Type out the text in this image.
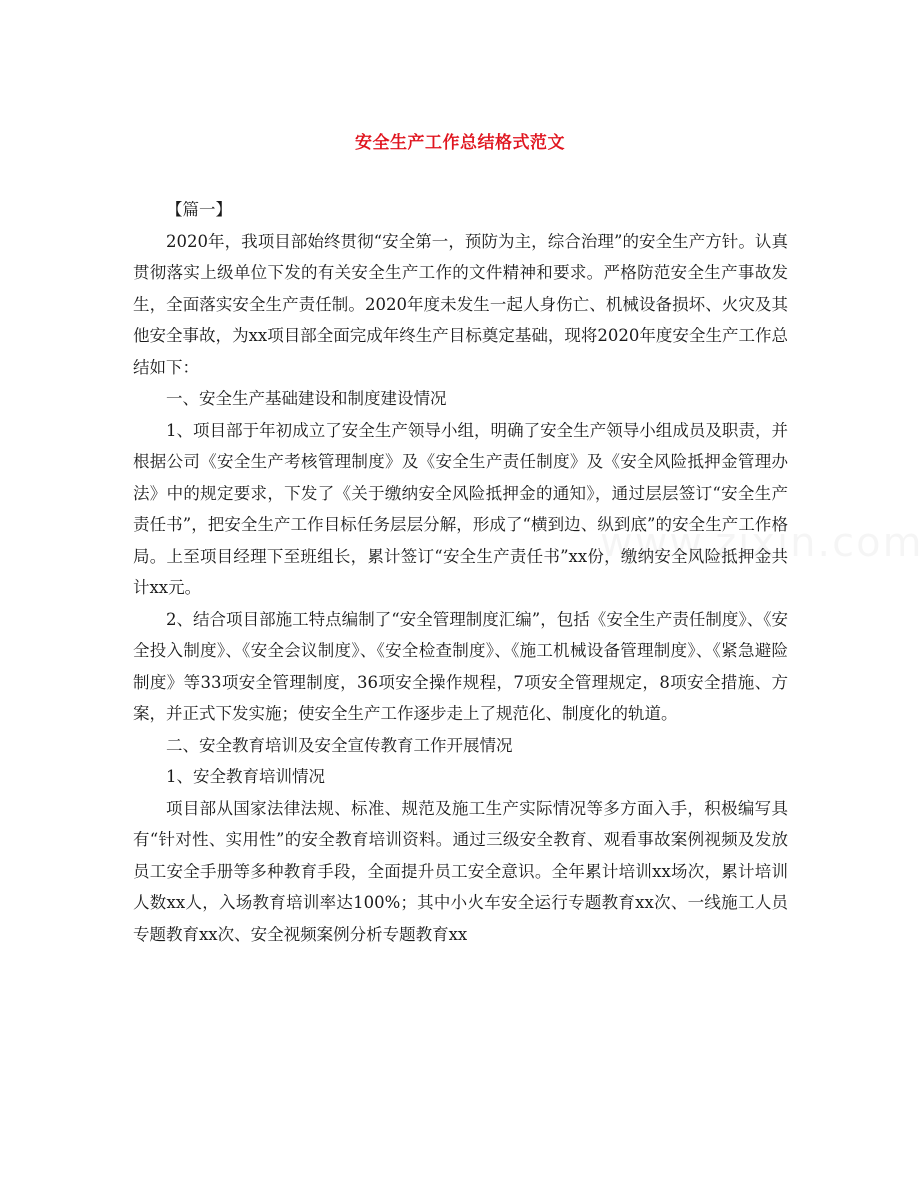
安全生产工作总结格式范文

【篇一】

2020年，我项目部始终贯彻“安全第一，预防为主，综合治理”的安全生产方针。认真贯彻落实上级单位下发的有关安全生产工作的文件精神和要求。严格防范安全生产事故发生，全面落实安全生产责任制。2020年度未发生一起人身伤亡、机械设备损坏、火灾及其他安全事故，为xx项目部全面完成年终生产目标奠定基础，现将2020年度安全生产工作总结如下：

一、安全生产基础建设和制度建设情况

1、项目部于年初成立了安全生产领导小组，明确了安全生产领导小组成员及职责，并根据公司《安全生产考核管理制度》及《安全生产责任制度》及《安全风险抵押金管理办法》中的规定要求，下发了《关于缴纳安全风险抵押金的通知》，通过层层签订“安全生产责任书”，把安全生产工作目标任务层层分解，形成了“横到边、纵到底”的安全生产工作格局。上至项目经理下至班组长，累计签订“安全生产责任书”xx份，缴纳安全风险抵押金共计xx元。

2、结合项目部施工特点编制了“安全管理制度汇编”，包括《安全生产责任制度》、《安全投入制度》、《安全会议制度》、《安全检查制度》、《施工机械设备管理制度》、《紧急避险制度》等33项安全管理制度，36项安全操作规程，7项安全管理规定，8项安全措施、方案，并正式下发实施；使安全生产工作逐步走上了规范化、制度化的轨道。

二、安全教育培训及安全宣传教育工作开展情况

1、安全教育培训情况

项目部从国家法律法规、标准、规范及施工生产实际情况等多方面入手，积极编写具有“针对性、实用性”的安全教育培训资料。通过三级安全教育、观看事故案例视频及发放员工安全手册等多种教育手段，全面提升员工安全意识。全年累计培训xx场次，累计培训人数xx人，入场教育培训率达100%；其中小火车安全运行专题教育xx次、一线施工人员专题教育xx次、安全视频案例分析专题教育xx
